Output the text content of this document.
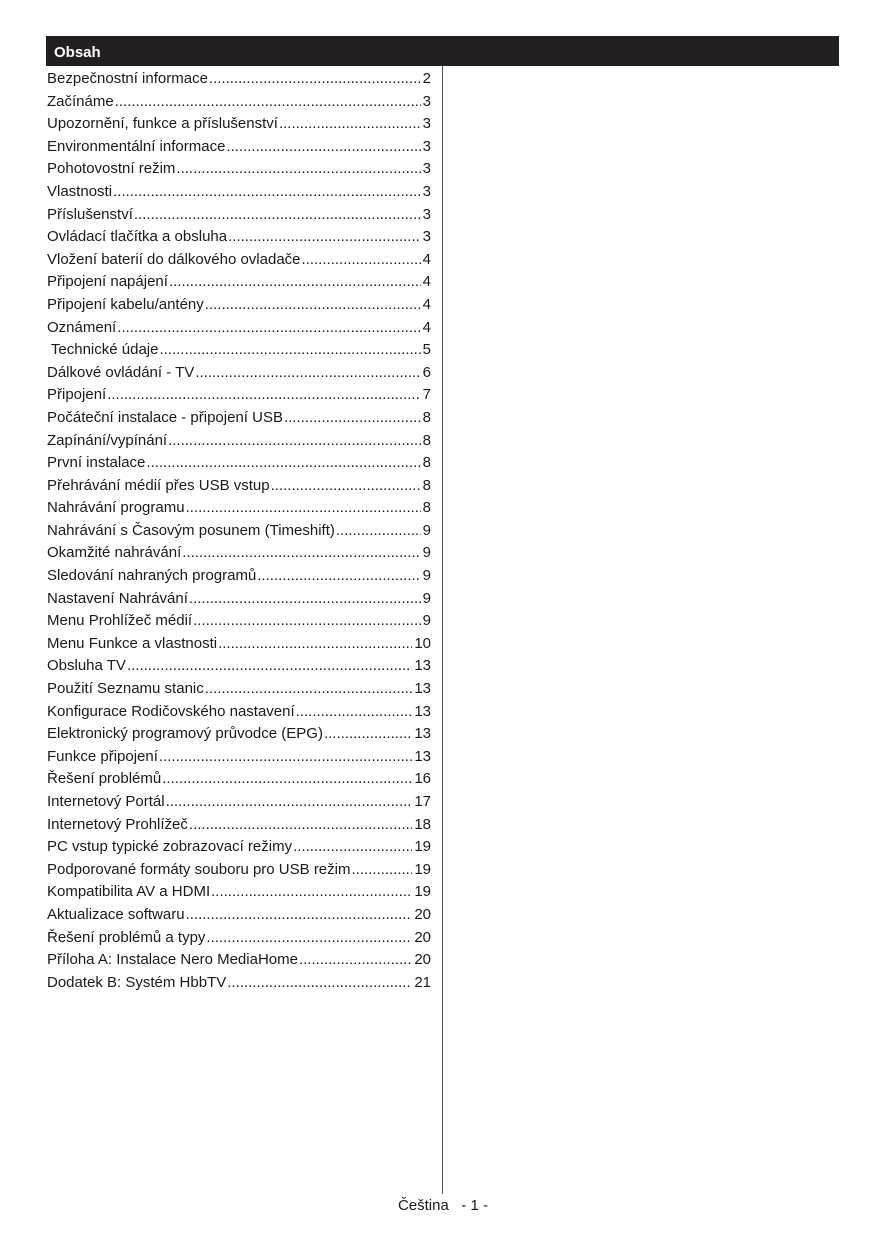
Obsah
Bezpečnostní informace .....	2
Začínáme .....	3
Upozornění, funkce a příslušenství .....	3
Environmentální informace .....	3
Pohotovostní režim .....	3
Vlastnosti .....	3
Příslušenství .....	3
Ovládací tlačítka a obsluha .....	3
Vložení baterií do dálkového ovladače .....	4
Připojení napájení .....	4
Připojení kabelu/antény .....	4
Oznámení .....	4
Technické údaje .....	5
Dálkové ovládání - TV .....	6
Připojení .....	7
Počáteční instalace - připojení USB .....	8
Zapínání/vypínání .....	8
První instalace .....	8
Přehrávání médií přes USB vstup .....	8
Nahrávání programu .....	8
Nahrávání s Časovým posunem (Timeshift) .....	9
Okamžité nahrávání .....	9
Sledování nahraných programů .....	9
Nastavení Nahrávání .....	9
Menu Prohlížeč médií .....	9
Menu Funkce a vlastnosti .....	10
Obsluha TV .....	13
Použití Seznamu stanic .....	13
Konfigurace Rodičovského nastavení .....	13
Elektronický programový průvodce (EPG) .....	13
Funkce připojení .....	13
Řešení problémů .....	16
Internetový Portál .....	17
Internetový Prohlížeč .....	18
PC vstup typické zobrazovací režimy .....	19
Podporované formáty souboru pro USB režim .....	19
Kompatibilita AV a HDMI .....	19
Aktualizace softwaru .....	20
Řešení problémů a typy .....	20
Příloha A: Instalace Nero MediaHome .....	20
Dodatek B: Systém HbbTV .....	21
Čeština - 1 -
